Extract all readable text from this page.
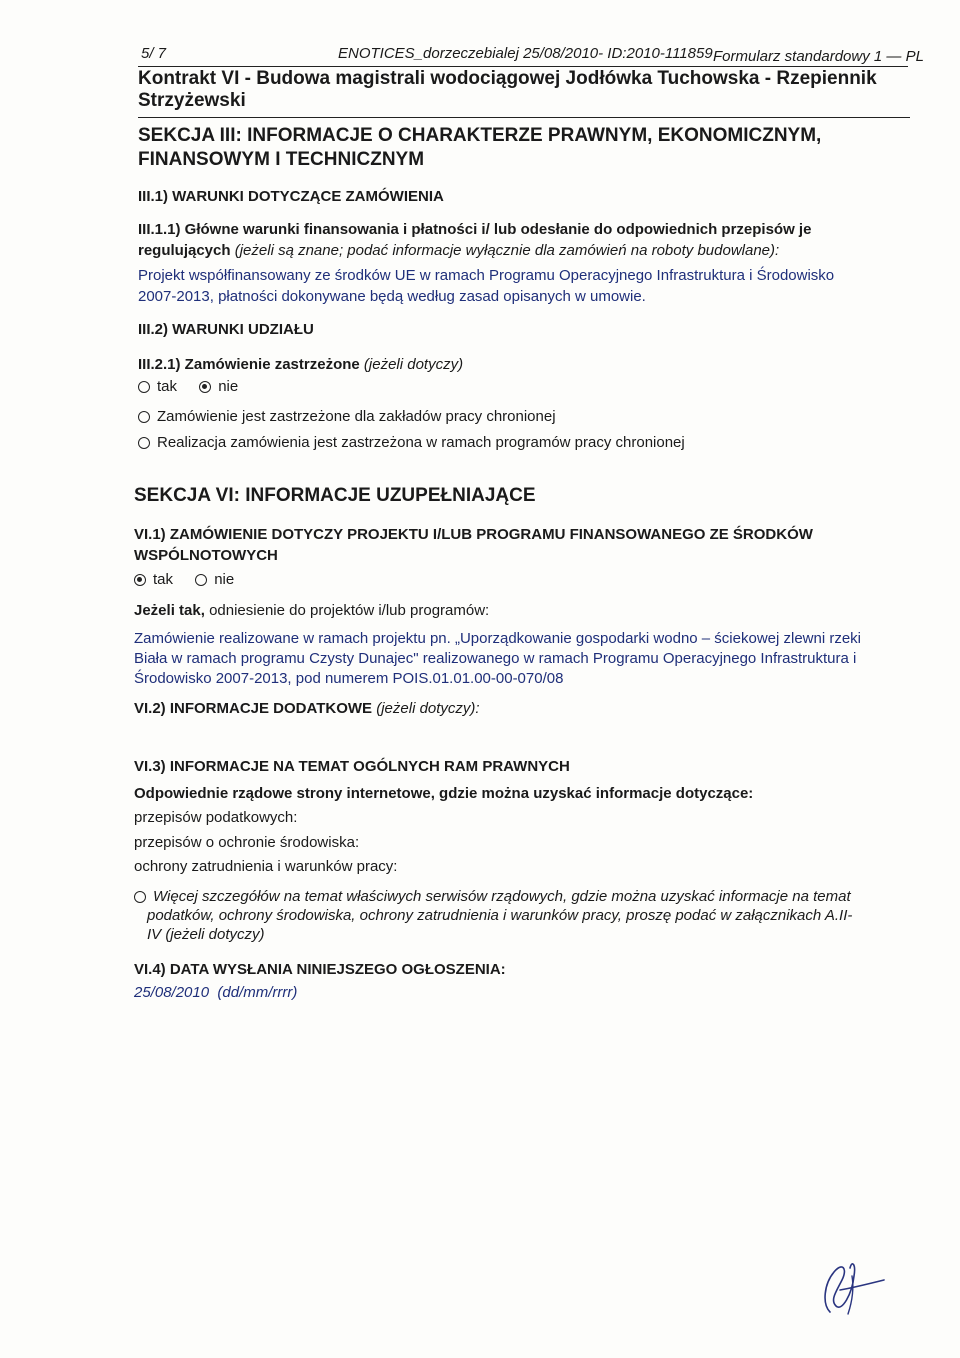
5/ 7	ENOTICES_dorzeczebialej 25/08/2010- ID:2010-111859 Formularz standardowy 1 — PL
Kontrakt VI - Budowa magistrali wodociągowej Jodłówka Tuchowska - Rzepiennik
Strzyżewski
SEKCJA III: INFORMACJE O CHARAKTERZE PRAWNYM, EKONOMICZNYM,
FINANSOWYM I TECHNICZNYM
III.1) WARUNKI DOTYCZĄCE ZAMÓWIENIA
III.1.1) Główne warunki finansowania i płatności i/ lub odesłanie do odpowiednich przepisów je
regulujących (jeżeli są znane; podać informacje wyłącznie dla zamówień na roboty budowlane):
Projekt współfinansowany ze środków UE w ramach Programu Operacyjnego Infrastruktura i Środowisko
2007-2013, płatności dokonywane będą według zasad opisanych w umowie.
III.2) WARUNKI UDZIAŁU
III.2.1) Zamówienie zastrzeżone (jeżeli dotyczy)
tak	nie
Zamówienie jest zastrzeżone dla zakładów pracy chronionej
Realizacja zamówienia jest zastrzeżona w ramach programów pracy chronionej
SEKCJA VI: INFORMACJE UZUPEŁNIAJĄCE
VI.1) ZAMÓWIENIE DOTYCZY PROJEKTU I/LUB PROGRAMU FINANSOWANEGO ZE ŚRODKÓW
WSPÓLNOTOWYCH
tak	nie
Jeżeli tak, odniesienie do projektów i/lub programów:
Zamówienie realizowane w ramach projektu pn. „Uporządkowanie gospodarki wodno – ściekowej zlewni rzeki
Biała w ramach programu Czysty Dunajec" realizowanego w ramach Programu Operacyjnego Infrastruktura i
Środowisko 2007-2013, pod numerem POIS.01.01.00-00-070/08
VI.2) INFORMACJE DODATKOWE (jeżeli dotyczy):
VI.3) INFORMACJE NA TEMAT OGÓLNYCH RAM PRAWNYCH
Odpowiednie rządowe strony internetowe, gdzie można uzyskać informacje dotyczące:
przepisów podatkowych:
przepisów o ochronie środowiska:
ochrony zatrudnienia i warunków pracy:
Więcej szczegółów na temat właściwych serwisów rządowych, gdzie można uzyskać informacje na temat
podatków, ochrony środowiska, ochrony zatrudnienia i warunków pracy, proszę podać w załącznikach A.II-
IV (jeżeli dotyczy)
VI.4) DATA WYSŁANIA NINIEJSZEGO OGŁOSZENIA:
25/08/2010 (dd/mm/rrrr)
